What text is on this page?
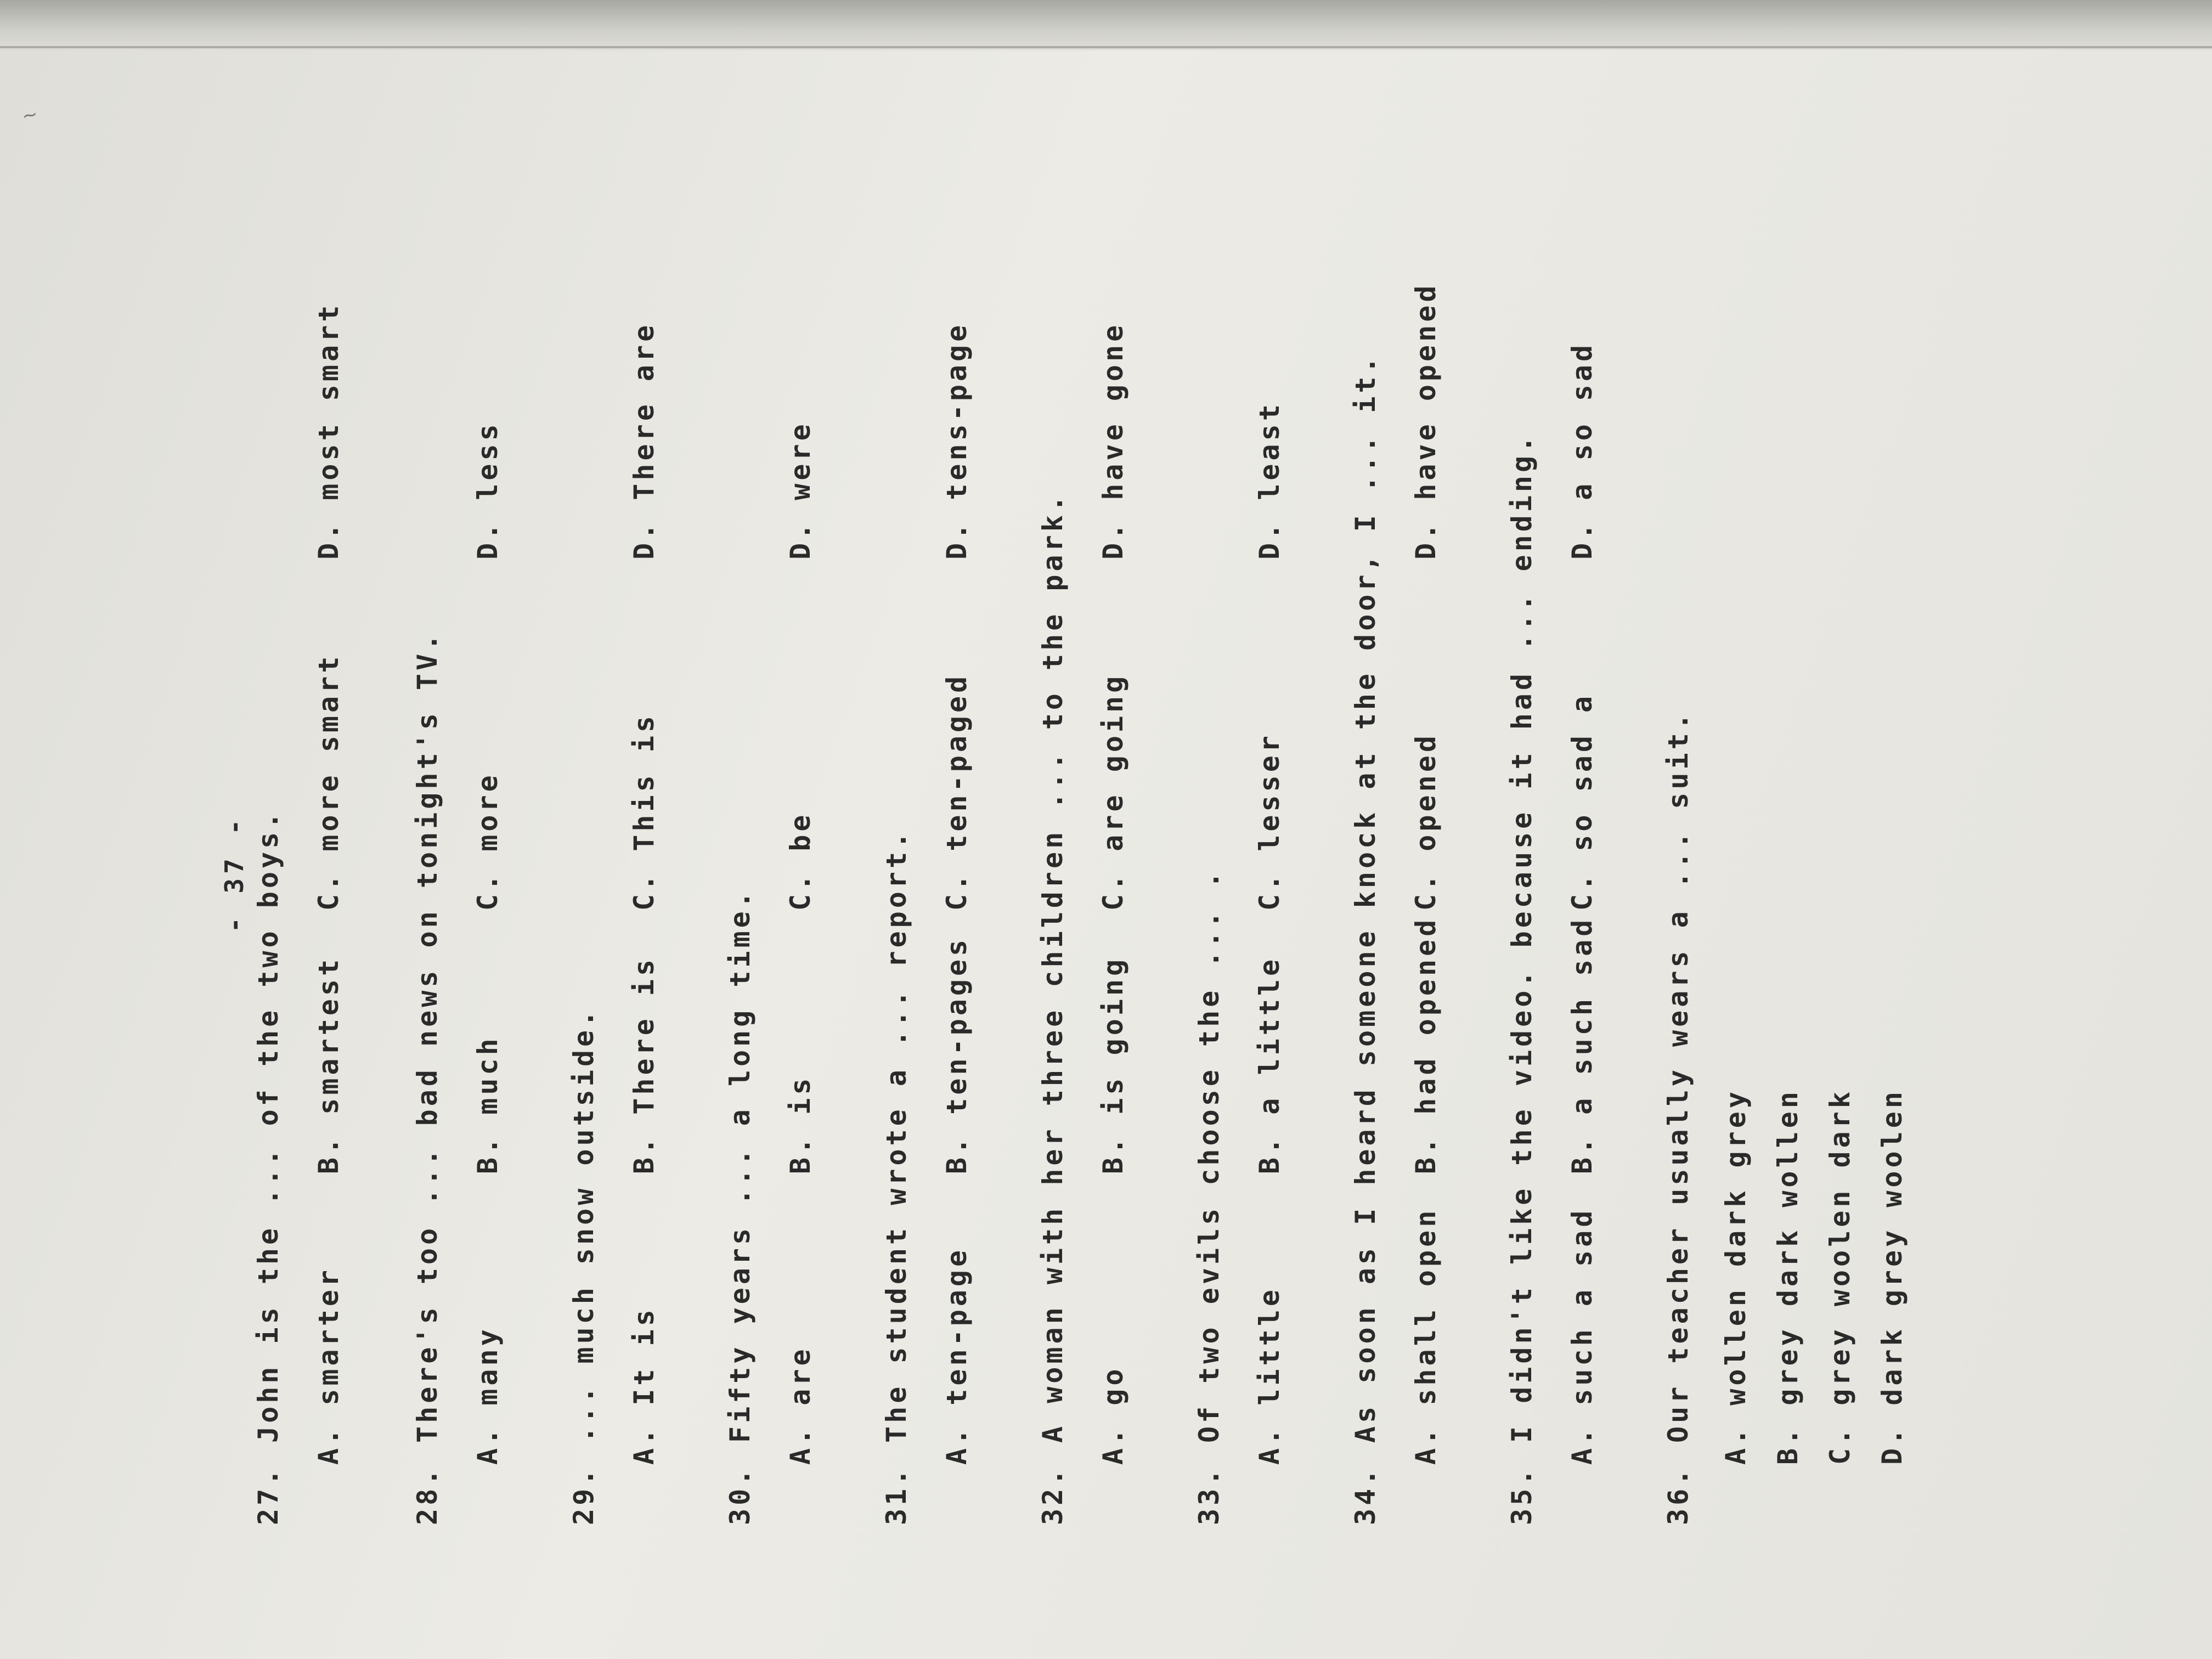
~
- 37 -
27.John is the ... of the two boys. A. smarter
B. smartest
C. more smart
D. most smart
28.There's too ... bad news on tonight's TV. A. many
B. much
C. more
D. less
29.... much snow outside. A. It is
B. There is
C. This is
D. There are
30.Fifty years ... a long time. A. are
B. is
C. be
D. were
31.The student wrote a ... report. A. ten-page
B. ten-pages
C. ten-paged
D. tens-page
32.A woman with her three children ... to the park. A. go
B. is going
C. are going
D. have gone
33.Of two evils choose the ... . A. little
B. a little
C. lesser
D. least
34.As soon as I heard someone knock at the door, I ... it. A. shall open
B. had opened
C. opened
D. have opened
35.I didn't like the video. because it had ... ending. A. such a sad
B. a such sad
C. so sad a
D. a so sad
36.Our teacher usually wears a ... suit. A. wollen dark grey B. grey dark wollen C. grey woolen dark D. dark grey woolen
